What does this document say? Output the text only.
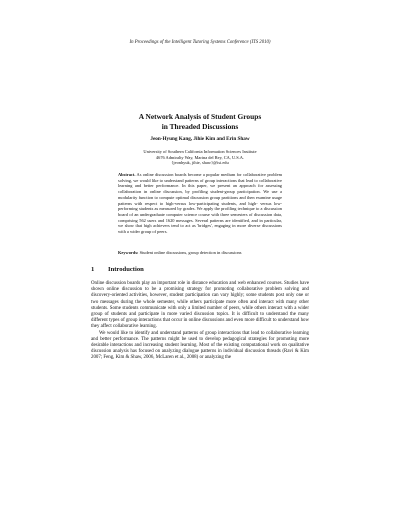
In Proceedings of the Intelligent Tutoring Systems Conference (ITS 2010)
A Network Analysis of Student Groups
in Threaded Discussions
Jeon-Hyung Kang, Jihie Kim and Erin Shaw
University of Southern California Information Sciences Institute
4676 Admiralty Way, Marina del Rey, CA, U.S.A.
{jeonhyuk, jihie, shaw}@isi.edu
Abstract. As online discussion boards become a popular medium for collaborative problem solving, we would like to understand patterns of group interactions that lead to collaborative learning and better performance. In this paper, we present an approach for assessing collaboration in online discussion, by profiling student-group participation. We use a modularity function to compute optimal discussion group partitions and then examine usage patterns with respect to high-versus low-participating students, and high- versus low-performing students as measured by grades. We apply the profiling technique to a discussion board of an undergraduate computer science course with three semesters of discussion data, comprising 562 users and 1620 messages. Several patterns are identified, and in particular, we show that high achievers tend to act as 'bridges', engaging in more diverse discussions with a wider group of peers.
Keywords: Student online discussions, group detection in discussions
1 Introduction

Online discussion boards play an important role in distance education and web enhanced courses. Studies have shown online discussion to be a promising strategy for promoting collaborative problem solving and discovery-oriented activities, however, student participation can vary highly; some students post only one or two messages during the whole semester, while others participate more often and interact with many other students. Some students communicate with only a limited number of peers, while others interact with a wider group of students and participate in more varied discussion topics. It is difficult to understand the many different types of group interactions that occur in online discussions and even more difficult to understand how they affect collaborative learning.

We would like to identify and understand patterns of group interactions that lead to collaborative learning and better performance. The patterns might be used to develop pedagogical strategies for promoting more desirable interactions and increasing student learning. Most of the existing computational work on qualitative discussion analysis has focused on analyzing dialogue patterns in individual discussion threads (Ravi & Kim 2007; Feng, Kim & Shaw, 2006, McLaren et al., 2008) or analyzing the
